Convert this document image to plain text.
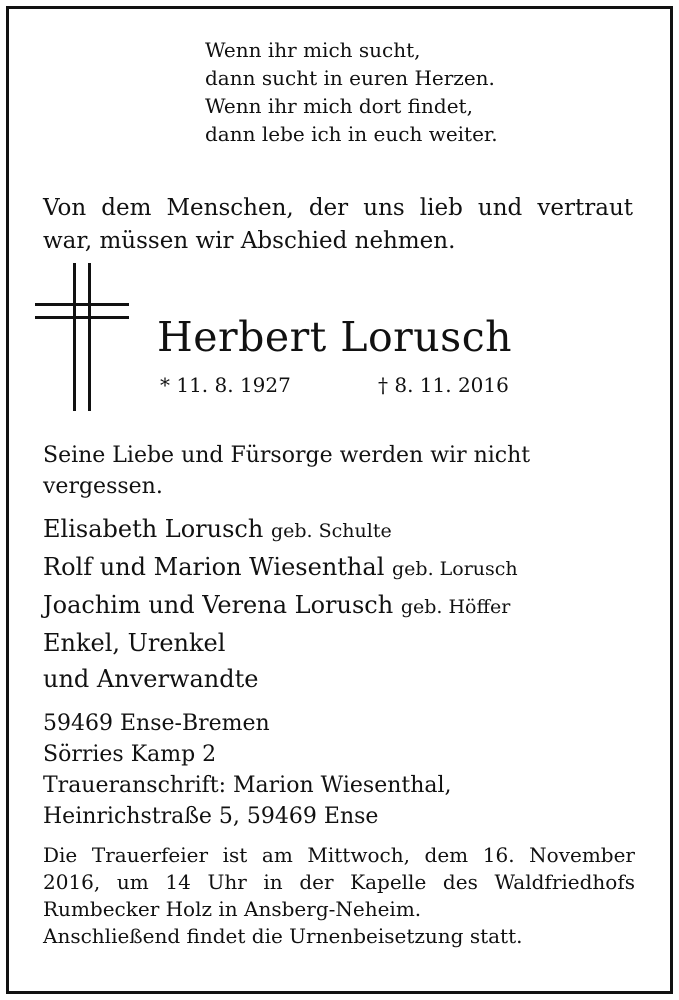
Wenn ihr mich sucht,
dann sucht in euren Herzen.
Wenn ihr mich dort findet,
dann lebe ich in euch weiter.
Von dem Menschen, der uns lieb und vertraut war, müssen wir Abschied nehmen.
Herbert Lorusch
* 11. 8. 1927	† 8. 11. 2016
Seine Liebe und Fürsorge werden wir nicht vergessen.
Elisabeth Lorusch geb. Schulte
Rolf und Marion Wiesenthal geb. Lorusch
Joachim und Verena Lorusch geb. Höffer
Enkel, Urenkel
und Anverwandte
59469 Ense-Bremen
Sörries Kamp 2
Traueranschrift: Marion Wiesenthal,
Heinrichstraße 5, 59469 Ense
Die Trauerfeier ist am Mittwoch, dem 16. November 2016, um 14 Uhr in der Kapelle des Waldfriedhofs Rumbecker Holz in Ansberg-Neheim.
Anschließend findet die Urnenbeisetzung statt.
